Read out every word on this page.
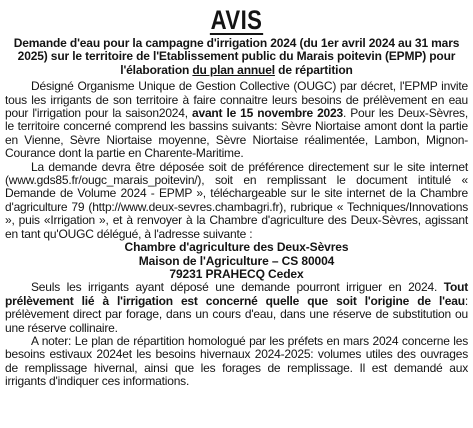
AVIS
Demande d'eau pour la campagne d'irrigation 2024 (du 1er avril 2024 au 31 mars 2025) sur le territoire de l'Etablissement public du Marais poitevin (EPMP) pour l'élaboration du plan annuel de répartition

Désigné Organisme Unique de Gestion Collective (OUGC) par décret, l'EPMP invite tous les irrigants de son territoire à faire connaitre leurs besoins de prélèvement en eau pour l'irrigation pour la saison2024, avant le 15 novembre 2023. Pour les Deux-Sèvres, le territoire concerné comprend les bassins suivants: Sèvre Niortaise amont dont la partie en Vienne, Sèvre Niortaise moyenne, Sèvre Niortaise réalimentée, Lambon, Mignon-Courance dont la partie en Charente-Maritime.

La demande devra être déposée soit de préférence directement sur le site internet (www.gds85.fr/ougc_marais_poitevin/), soit en remplissant le document intitulé « Demande de Volume 2024 - EPMP », téléchargeable sur le site internet de la Chambre d'agriculture 79 (http://www.deux-sevres.chambagri.fr), rubrique « Techniques/Innovations », puis «Irrigation », et à renvoyer à la Chambre d'agriculture des Deux-Sèvres, agissant en tant qu'OUGC délégué, à l'adresse suivante :

Chambre d'agriculture des Deux-Sèvres
Maison de l'Agriculture – CS 80004
79231 PRAHECQ Cedex

Seuls les irrigants ayant déposé une demande pourront irriguer en 2024. Tout prélèvement lié à l'irrigation est concerné quelle que soit l'origine de l'eau: prélèvement direct par forage, dans un cours d'eau, dans une réserve de substitution ou une réserve collinaire.

A noter: Le plan de répartition homologué par les préfets en mars 2024 concerne les besoins estivaux 2024et les besoins hivernaux 2024-2025: volumes utiles des ouvrages de remplissage hivernal, ainsi que les forages de remplissage. Il est demandé aux irrigants d'indiquer ces informations.
